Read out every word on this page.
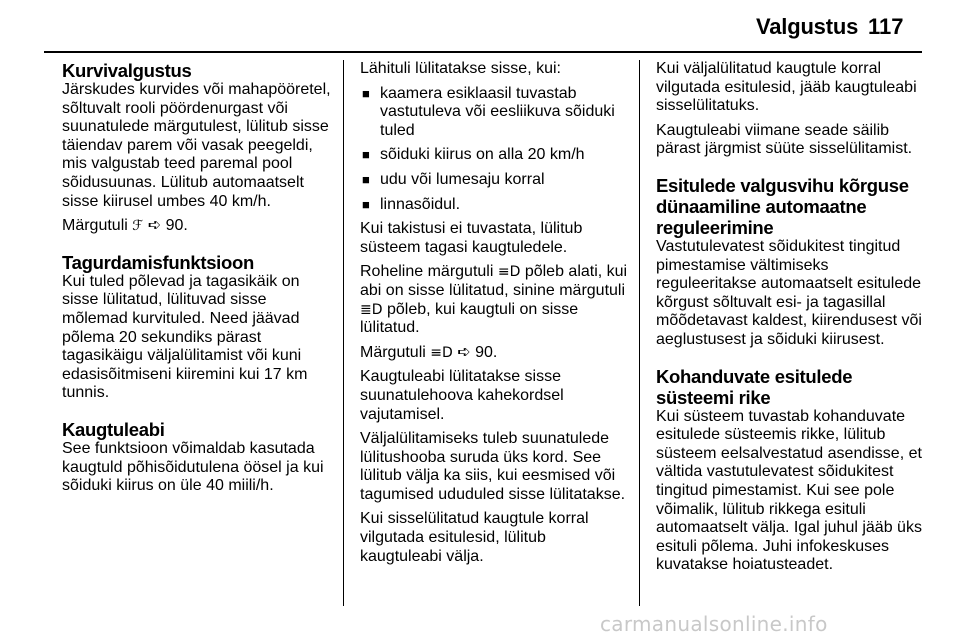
Valgustus 117
Kurvivalgustus

Järskudes kurvides või mahapööretel, sõltuvalt rooli pöördenurgast või suunatulede märgutulest, lülitub sisse täiendav parem või vasak peegeldi, mis valgustab teed paremal pool sõidusuunas. Lülitub automaatselt sisse kiirusel umbes 40 km/h.

Märgutuli ℱ ➪ 90.

Tagurdamisfunktsioon

Kui tuled põlevad ja tagasikäik on sisse lülitatud, lülituvad sisse mõlemad kurvituled. Need jäävad põlema 20 sekundiks pärast tagasikäigu väljalülitamist või kuni edasisõitmiseni kiiremini kui 17 km tunnis.

Kaugtuleabi

See funktsioon võimaldab kasutada kaugtuld põhisõidutulena öösel ja kui sõiduki kiirus on üle 40 miili/h.

Lähituli lülitatakse sisse, kui:

■ kaamera esiklaasil tuvastab vastutuleva või eesliikuva sõiduki tuled
■ sõiduki kiirus on alla 20 km/h
■ udu või lumesaju korral
■ linnasõidul.

Kui takistusi ei tuvastata, lülitub süsteem tagasi kaugtuledele.

Roheline märgutuli ≡D põleb alati, kui abi on sisse lülitatud, sinine märgutuli ≣D põleb, kui kaugtuli on sisse lülitatud.

Märgutuli ≡D ➪ 90.

Kaugtuleabi lülitatakse sisse suunatulehoova kahekordsel vajutamisel.

Väljalülitamiseks tuleb suunatulede lülitushooba suruda üks kord. See lülitub välja ka siis, kui eesmised või tagumised ududuled sisse lülitatakse.

Kui sisselülitatud kaugtule korral vilgutada esitulesid, lülitub kaugtuleabi välja.

Kui väljalülitatud kaugtule korral vilgutada esitulesid, jääb kaugtuleabi sisselülitatuks.

Kaugtuleabi viimane seade säilib pärast järgmist süüte sisselülitamist.

Esitulede valgusvihu kõrguse dünaamiline automaatne reguleerimine

Vastutulevatest sõidukitest tingitud pimestamise vältimiseks reguleeritakse automaatselt esitulede kõrgust sõltuvalt esi- ja tagasillal mõõdetavast kaldest, kiirendusest või aeglustusest ja sõiduki kiirusest.

Kohanduvate esitulede süsteemi rike

Kui süsteem tuvastab kohanduvate esitulede süsteemis rikke, lülitub süsteem eelsalvestatud asendisse, et vältida vastutulevatest sõidukitest tingitud pimestamist. Kui see pole võimalik, lülitub rikkega esituli automaatselt välja. Igal juhul jääb üks esituli põlema. Juhi infokeskuses kuvatakse hoiatusteadet.

carmanualsonline.info
